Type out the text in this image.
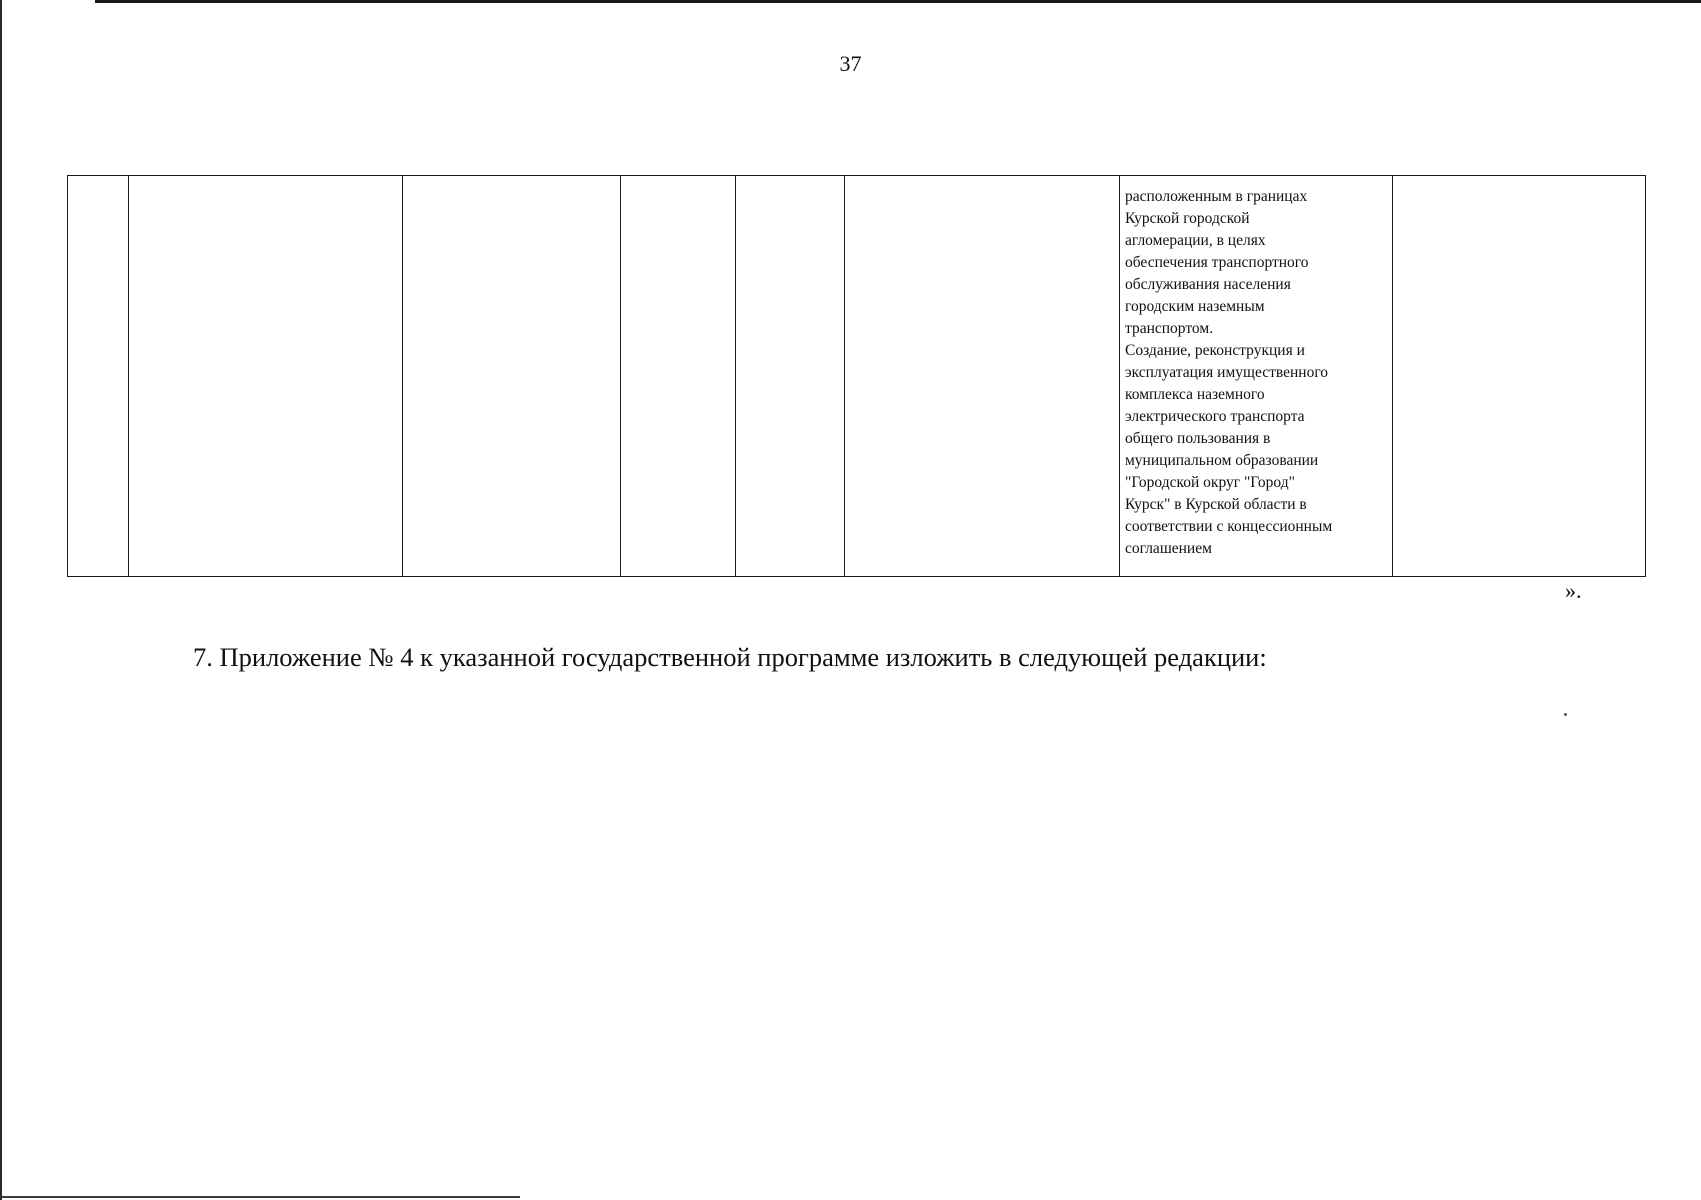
37
						расположенным в границах
Курской городской
агломерации, в целях
обеспечения транспортного
обслуживания населения
городским наземным
транспортом.
Создание, реконструкция и
эксплуатация имущественного
комплекса наземного
электрического транспорта
общего пользования в
муниципальном образовании
"Городской округ "Город"
Курск" в Курской области в
соответствии с концессионным
соглашением	
».
7. Приложение № 4 к указанной государственной программе изложить в следующей редакции:
